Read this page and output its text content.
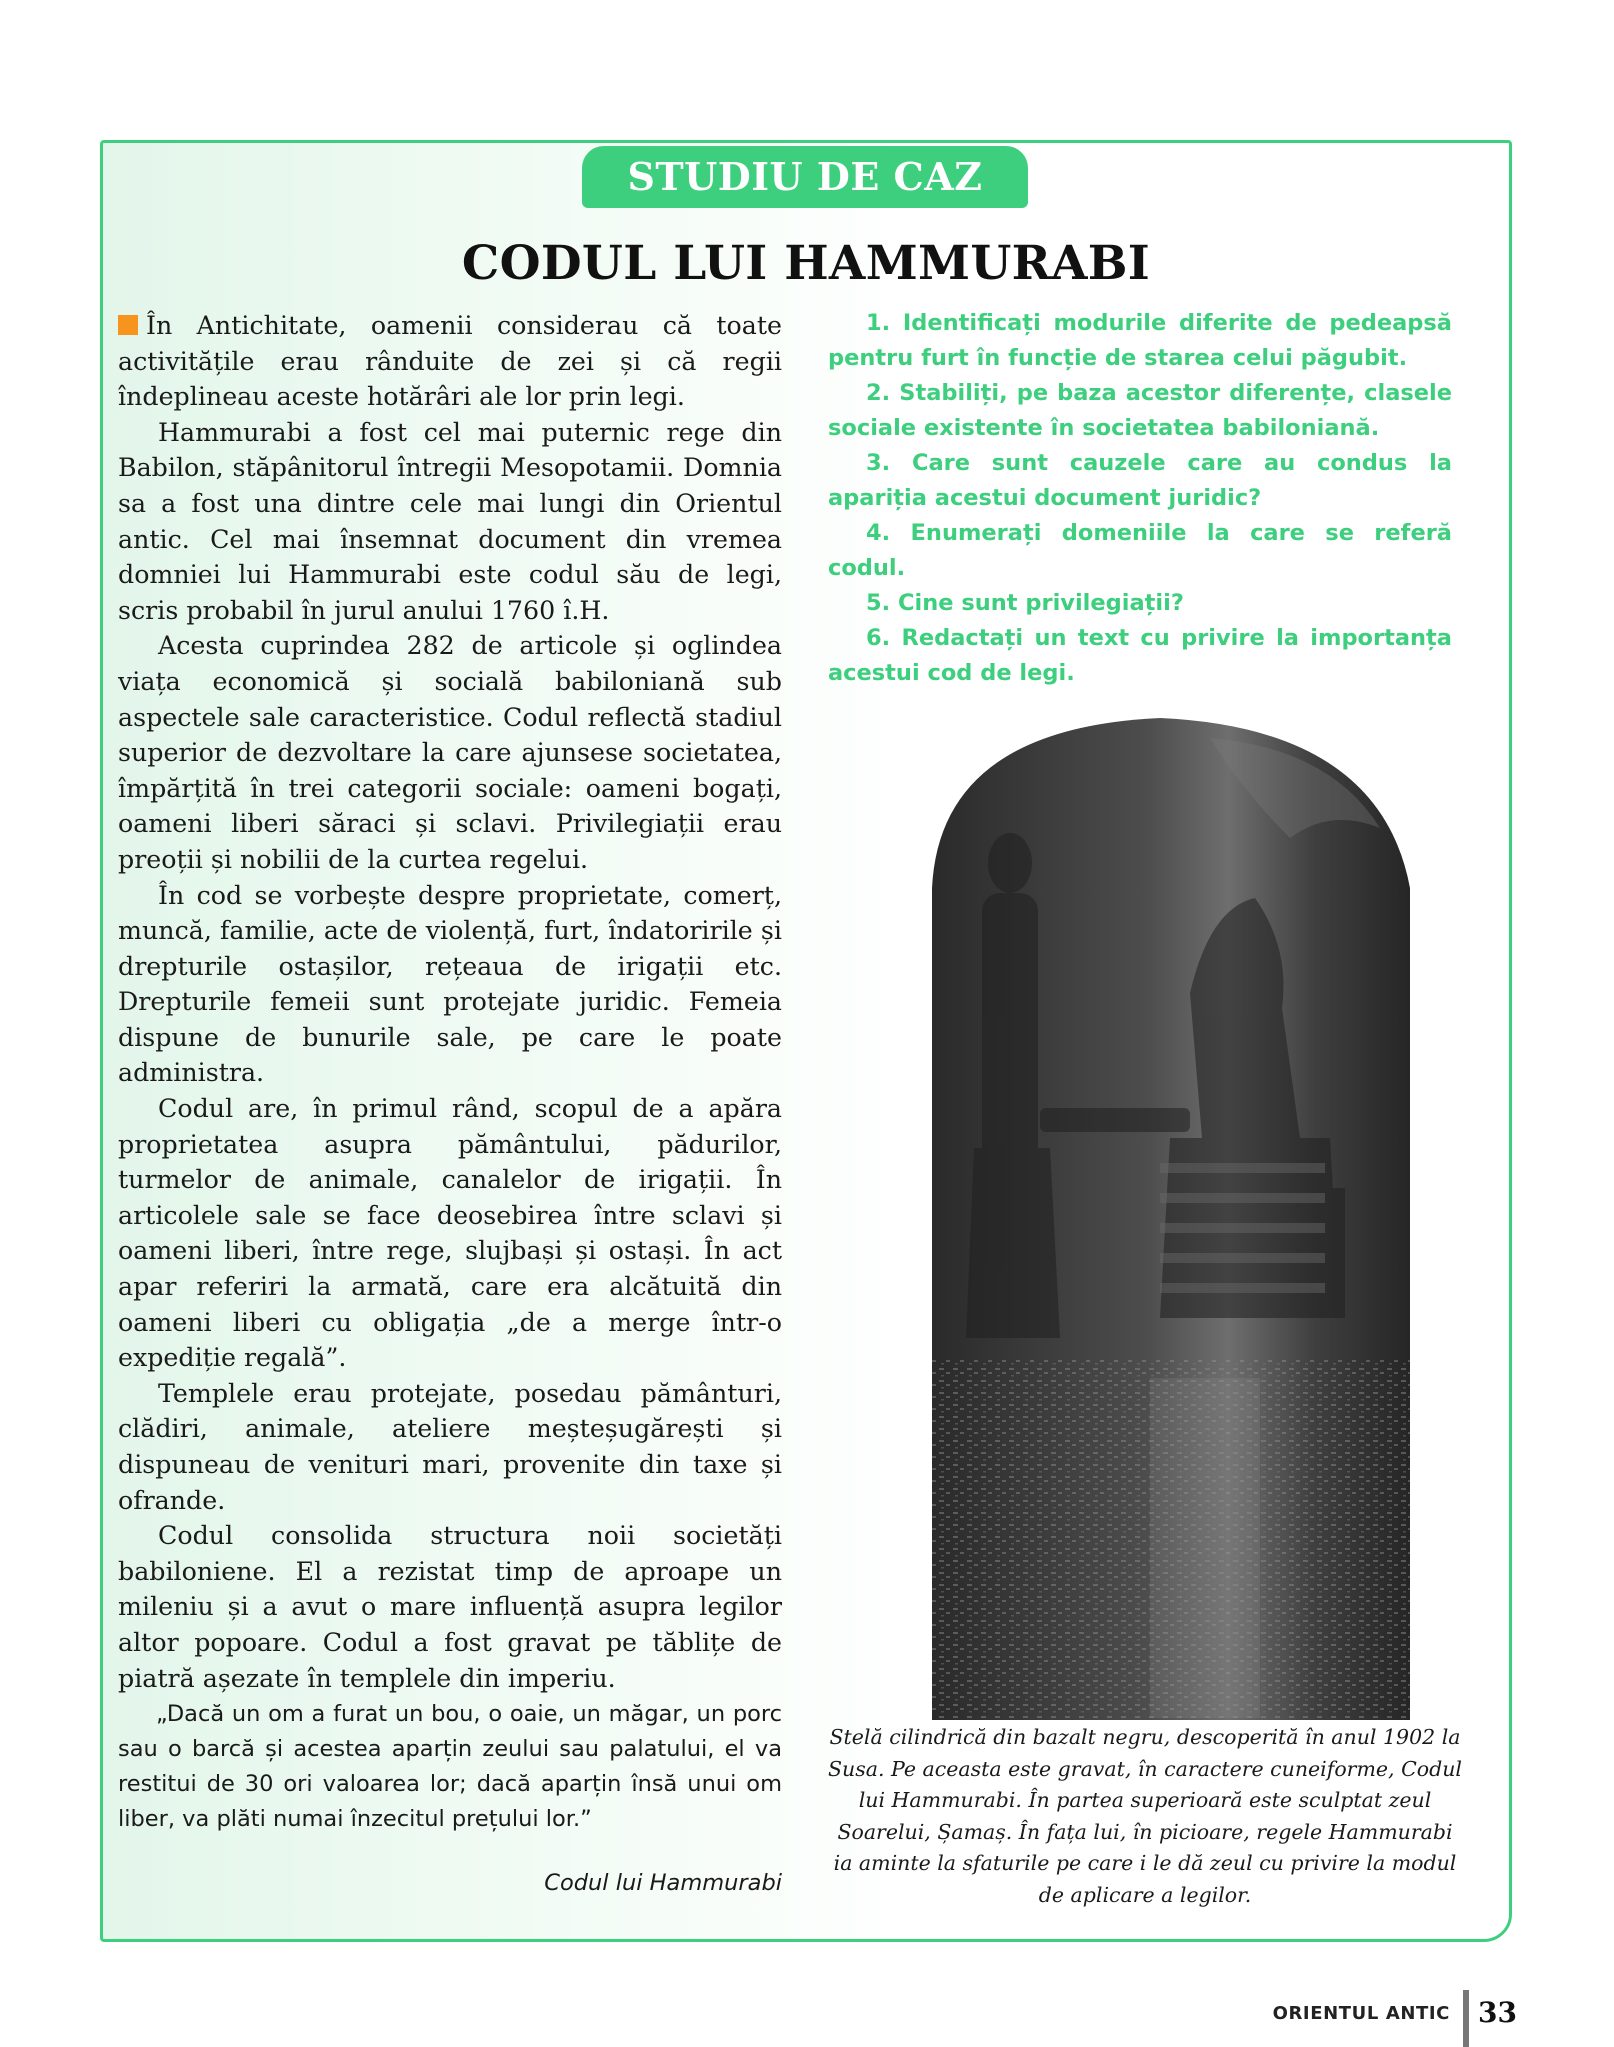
STUDIU DE CAZ
CODUL LUI HAMMURABI

În Antichitate, oamenii considerau că toate activitățile erau rânduite de zei și că regii îndeplineau aceste hotărâri ale lor prin legi.

Hammurabi a fost cel mai puternic rege din Babilon, stăpânitorul întregii Mesopotamii. Domnia sa a fost una dintre cele mai lungi din Orientul antic. Cel mai însemnat document din vremea domniei lui Hammurabi este codul său de legi, scris probabil în jurul anului 1760 î.H.

Acesta cuprindea 282 de articole și oglindea viața economică și socială babiloniană sub aspectele sale caracteristice. Codul reflectă stadiul superior de dezvoltare la care ajunsese societatea, împărțită în trei categorii sociale: oameni bogați, oameni liberi săraci și sclavi. Privilegiații erau preoții și nobilii de la curtea regelui.

În cod se vorbește despre proprietate, comerț, muncă, familie, acte de violență, furt, îndatoririle și drepturile ostașilor, rețeaua de irigații etc. Drepturile femeii sunt protejate juridic. Femeia dispune de bunurile sale, pe care le poate administra.

Codul are, în primul rând, scopul de a apăra proprietatea asupra pământului, pădurilor, turmelor de animale, canalelor de irigații. În articolele sale se face deosebirea între sclavi și oameni liberi, între rege, slujbași și ostași. În act apar referiri la armată, care era alcătuită din oameni liberi cu obligația „de a merge într-o expediție regală”.

Templele erau protejate, posedau pământuri, clădiri, animale, ateliere meșteșugărești și dispuneau de venituri mari, provenite din taxe și ofrande.

Codul consolida structura noii societăți babiloniene. El a rezistat timp de aproape un mileniu și a avut o mare influență asupra legilor altor popoare. Codul a fost gravat pe tăblițe de piatră așezate în templele din imperiu.

1. Identificați modurile diferite de pedeapsă pentru furt în funcție de starea celui păgubit.

2. Stabiliți, pe baza acestor diferențe, clasele sociale existente în societatea babiloniană.

3. Care sunt cauzele care au condus la apariția acestui document juridic?

4. Enumerați domeniile la care se referă codul.

5. Cine sunt privilegiații?

6. Redactați un text cu privire la importanța acestui cod de legi.

Stelă cilindrică din bazalt negru, descoperită în anul 1902 la Susa. Pe aceasta este gravat, în caractere cuneiforme, Codul lui Hammurabi. În partea superioară este sculptat zeul Soarelui, Șamaș. În fața lui, în picioare, regele Hammurabi ia aminte la sfaturile pe care i le dă zeul cu privire la modul de aplicare a legilor.

„Dacă un om a furat un bou, o oaie, un măgar, un porc sau o barcă și acestea aparțin zeului sau palatului, el va restitui de 30 ori valoarea lor; dacă aparțin însă unui om liber, va plăti numai înzecitul prețului lor.”

Codul lui Hammurabi
ORIENTUL ANTIC 33
